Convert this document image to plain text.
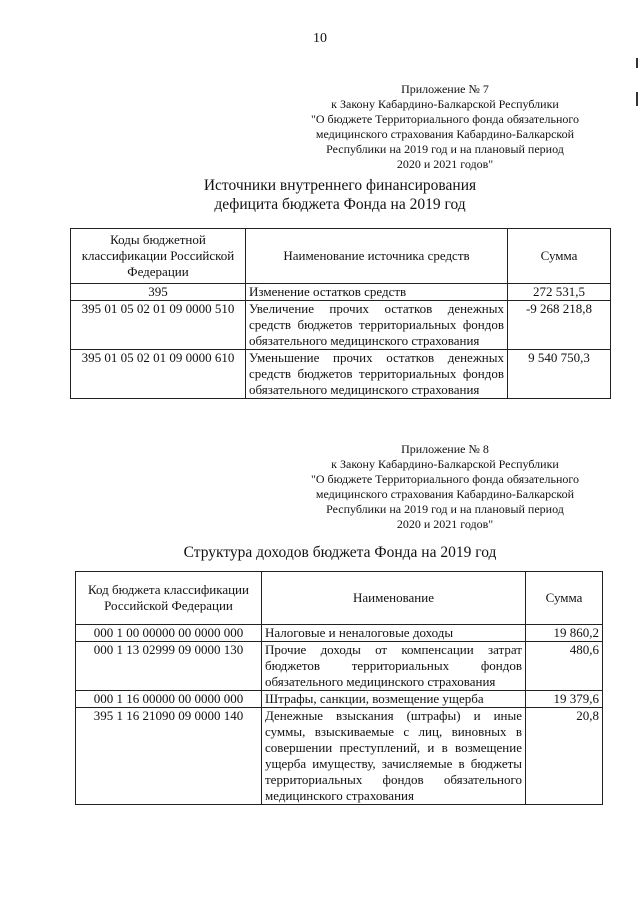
10
Приложение № 7
к Закону Кабардино-Балкарской Республики
"О бюджете Территориального фонда обязательного
медицинского страхования Кабардино-Балкарской
Республики на 2019 год и на плановый период
2020 и 2021 годов"
Источники внутреннего финансирования
дефицита бюджета Фонда на 2019 год
Коды бюджетной классификации Российской Федерации	Наименование источника средств	Сумма
395	Изменение остатков средств	272 531,5
395 01 05 02 01 09 0000 510	Увеличение прочих остатков денежных средств бюджетов территориальных фондов обязательного медицинского страхования	-9 268 218,8
395 01 05 02 01 09 0000 610	Уменьшение прочих остатков денежных средств бюджетов территориальных фондов обязательного медицинского страхования	9 540 750,3
Приложение № 8
к Закону Кабардино-Балкарской Республики
"О бюджете Территориального фонда обязательного
медицинского страхования Кабардино-Балкарской
Республики на 2019 год и на плановый период
2020 и 2021 годов"
Структура доходов бюджета Фонда на 2019 год
Код бюджета классификации Российской Федерации	Наименование	Сумма
000 1 00 00000 00 0000 000	Налоговые и неналоговые доходы	19 860,2
000 1 13 02999 09 0000 130	Прочие доходы от компенсации затрат бюджетов территориальных фондов обязательного медицинского страхования	480,6
000 1 16 00000 00 0000 000	Штрафы, санкции, возмещение ущерба	19 379,6
395 1 16 21090 09 0000 140	Денежные взыскания (штрафы) и иные суммы, взыскиваемые с лиц, виновных в совершении преступлений, и в возмещение ущерба имуществу, зачисляемые в бюджеты территориальных фондов обязательного медицинского страхования	20,8
